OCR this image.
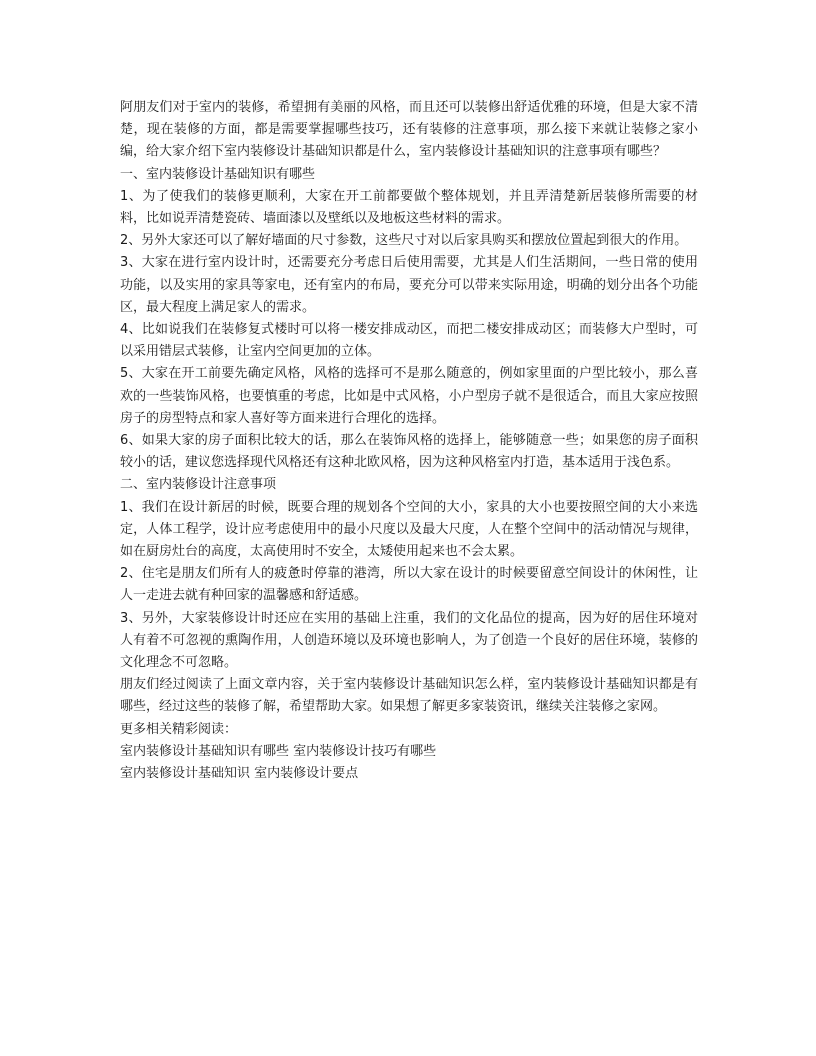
阿朋友们对于室内的装修，希望拥有美丽的风格，而且还可以装修出舒适优雅的环境，但是大家不清楚，现在装修的方面，都是需要掌握哪些技巧，还有装修的注意事项，那么接下来就让装修之家小编，给大家介绍下室内装修设计基础知识都是什么，室内装修设计基础知识的注意事项有哪些？

一、室内装修设计基础知识有哪些

1、为了使我们的装修更顺利，大家在开工前都要做个整体规划，并且弄清楚新居装修所需要的材料，比如说弄清楚瓷砖、墙面漆以及壁纸以及地板这些材料的需求。

2、另外大家还可以了解好墙面的尺寸参数，这些尺寸对以后家具购买和摆放位置起到很大的作用。

3、大家在进行室内设计时，还需要充分考虑日后使用需要，尤其是人们生活期间，一些日常的使用功能，以及实用的家具等家电，还有室内的布局，要充分可以带来实际用途，明确的划分出各个功能区，最大程度上满足家人的需求。

4、比如说我们在装修复式楼时可以将一楼安排成动区，而把二楼安排成动区；而装修大户型时，可以采用错层式装修，让室内空间更加的立体。

5、大家在开工前要先确定风格，风格的选择可不是那么随意的，例如家里面的户型比较小，那么喜欢的一些装饰风格，也要慎重的考虑，比如是中式风格，小户型房子就不是很适合，而且大家应按照房子的房型特点和家人喜好等方面来进行合理化的选择。

6、如果大家的房子面积比较大的话，那么在装饰风格的选择上，能够随意一些；如果您的房子面积较小的话，建议您选择现代风格还有这种北欧风格，因为这种风格室内打造，基本适用于浅色系。

二、室内装修设计注意事项

1、我们在设计新居的时候，既要合理的规划各个空间的大小，家具的大小也要按照空间的大小来选定，人体工程学，设计应考虑使用中的最小尺度以及最大尺度，人在整个空间中的活动情况与规律，如在厨房灶台的高度，太高使用时不安全，太矮使用起来也不会太累。

2、住宅是朋友们所有人的疲惫时停靠的港湾，所以大家在设计的时候要留意空间设计的休闲性，让人一走进去就有种回家的温馨感和舒适感。

3、另外，大家装修设计时还应在实用的基础上注重，我们的文化品位的提高，因为好的居住环境对人有着不可忽视的熏陶作用，人创造环境以及环境也影响人，为了创造一个良好的居住环境，装修的文化理念不可忽略。

朋友们经过阅读了上面文章内容，关于室内装修设计基础知识怎么样，室内装修设计基础知识都是有哪些，经过这些的装修了解，希望帮助大家。如果想了解更多家装资讯，继续关注装修之家网。

更多相关精彩阅读：

室内装修设计基础知识有哪些 室内装修设计技巧有哪些

室内装修设计基础知识 室内装修设计要点
